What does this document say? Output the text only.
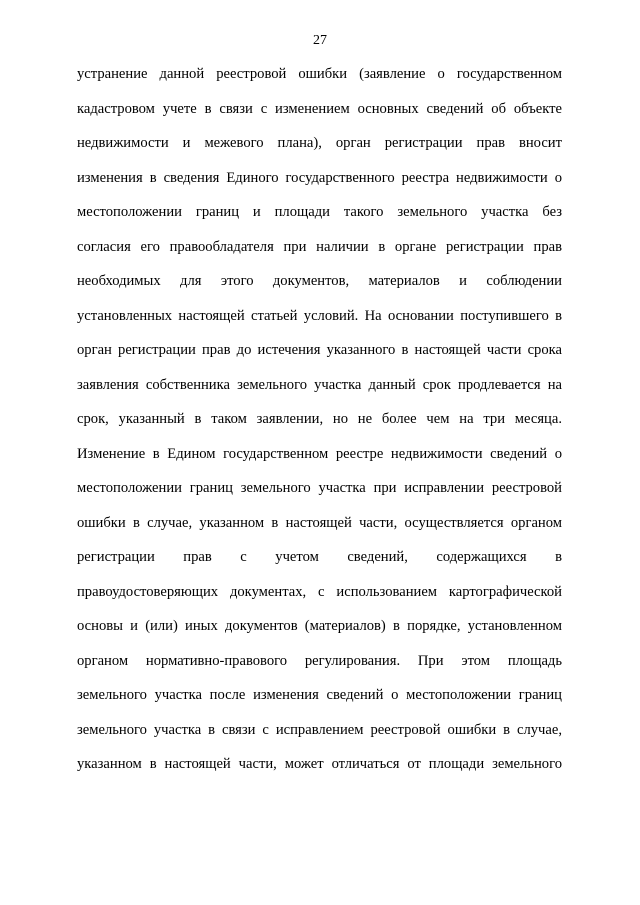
27
устранение данной реестровой ошибки (заявление о государственном
кадастровом учете в связи с изменением основных сведений об объекте
недвижимости и межевого плана), орган регистрации прав вносит
изменения в сведения Единого государственного реестра недвижимости о
местоположении границ и площади такого земельного участка без
согласия его правообладателя при наличии в органе регистрации прав
необходимых для этого документов, материалов и соблюдении
установленных настоящей статьей условий. На основании поступившего в
орган регистрации прав до истечения указанного в настоящей части срока
заявления собственника земельного участка данный срок продлевается на
срок, указанный в таком заявлении, но не более чем на три месяца.
Изменение в Едином государственном реестре недвижимости сведений о
местоположении границ земельного участка при исправлении реестровой
ошибки в случае, указанном в настоящей части, осуществляется органом
регистрации прав с учетом сведений, содержащихся в
правоудостоверяющих документах, с использованием картографической
основы и (или) иных документов (материалов) в порядке, установленном
органом нормативно-правового регулирования. При этом площадь
земельного участка после изменения сведений о местоположении границ
земельного участка в связи с исправлением реестровой ошибки в случае,
указанном в настоящей части, может отличаться от площади земельного
